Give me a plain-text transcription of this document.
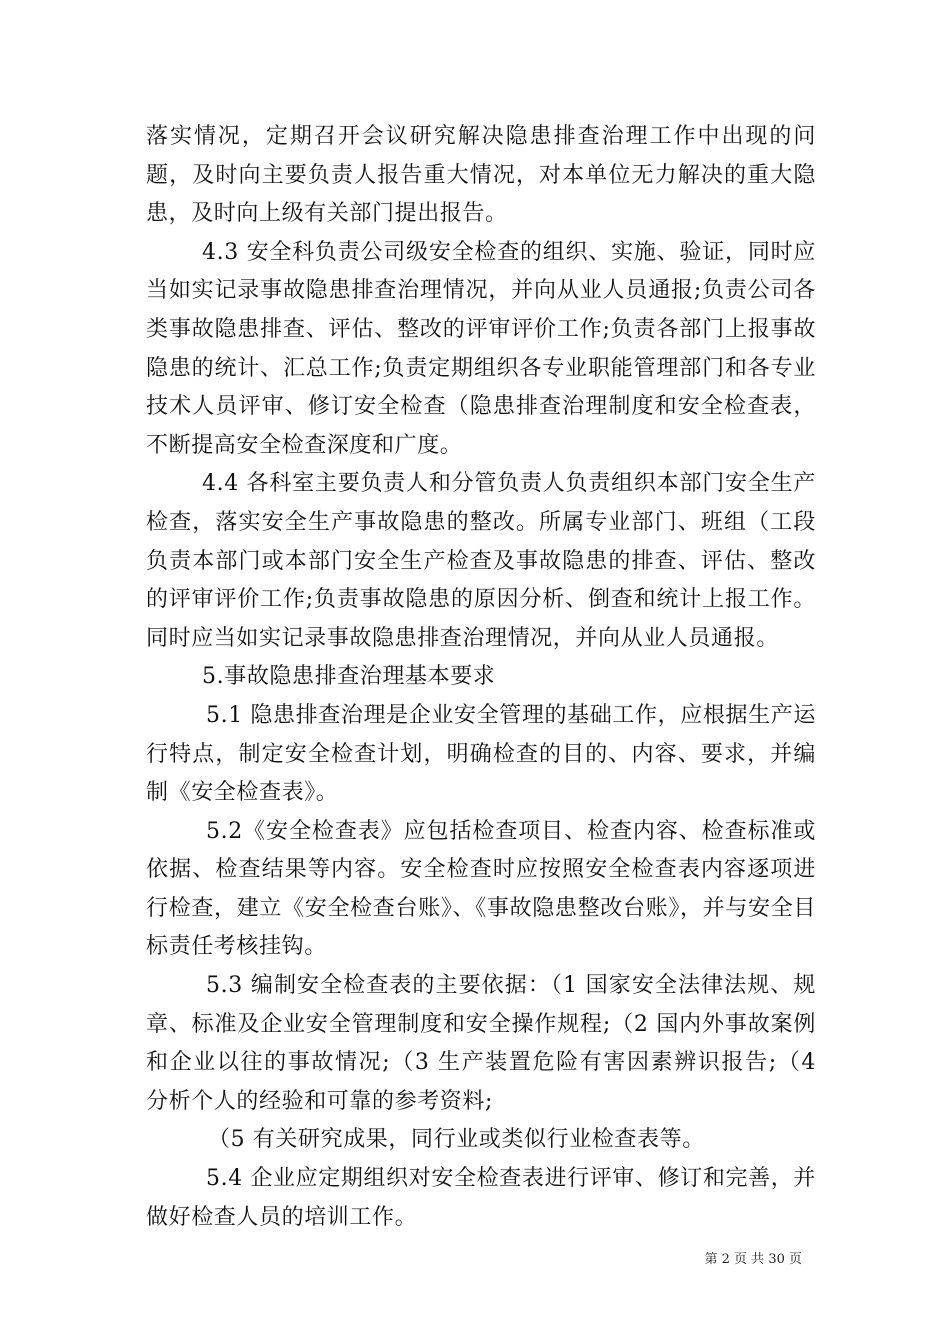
落实情况，定期召开会议研究解决隐患排查治理工作中出现的问题，及时向主要负责人报告重大情况，对本单位无力解决的重大隐患，及时向上级有关部门提出报告。

4.3 安全科负责公司级安全检查的组织、实施、验证，同时应当如实记录事故隐患排查治理情况，并向从业人员通报;负责公司各类事故隐患排查、评估、整改的评审评价工作;负责各部门上报事故隐患的统计、汇总工作;负责定期组织各专业职能管理部门和各专业技术人员评审、修订安全检查（隐患排查治理制度和安全检查表，不断提高安全检查深度和广度。

4.4 各科室主要负责人和分管负责人负责组织本部门安全生产检查，落实安全生产事故隐患的整改。所属专业部门、班组（工段负责本部门或本部门安全生产检查及事故隐患的排查、评估、整改的评审评价工作;负责事故隐患的原因分析、倒查和统计上报工作。同时应当如实记录事故隐患排查治理情况，并向从业人员通报。

5.事故隐患排查治理基本要求

5.1 隐患排查治理是企业安全管理的基础工作，应根据生产运行特点，制定安全检查计划，明确检查的目的、内容、要求，并编制《安全检查表》。

5.2《安全检查表》应包括检查项目、检查内容、检查标准或依据、检查结果等内容。安全检查时应按照安全检查表内容逐项进行检查，建立《安全检查台账》、《事故隐患整改台账》，并与安全目标责任考核挂钩。

5.3 编制安全检查表的主要依据：（1 国家安全法律法规、规章、标准及企业安全管理制度和安全操作规程;（2 国内外事故案例和企业以往的事故情况;（3 生产装置危险有害因素辨识报告;（4 分析个人的经验和可靠的参考资料;

（5 有关研究成果，同行业或类似行业检查表等。

5.4 企业应定期组织对安全检查表进行评审、修订和完善，并做好检查人员的培训工作。

第 2 页 共 30 页
